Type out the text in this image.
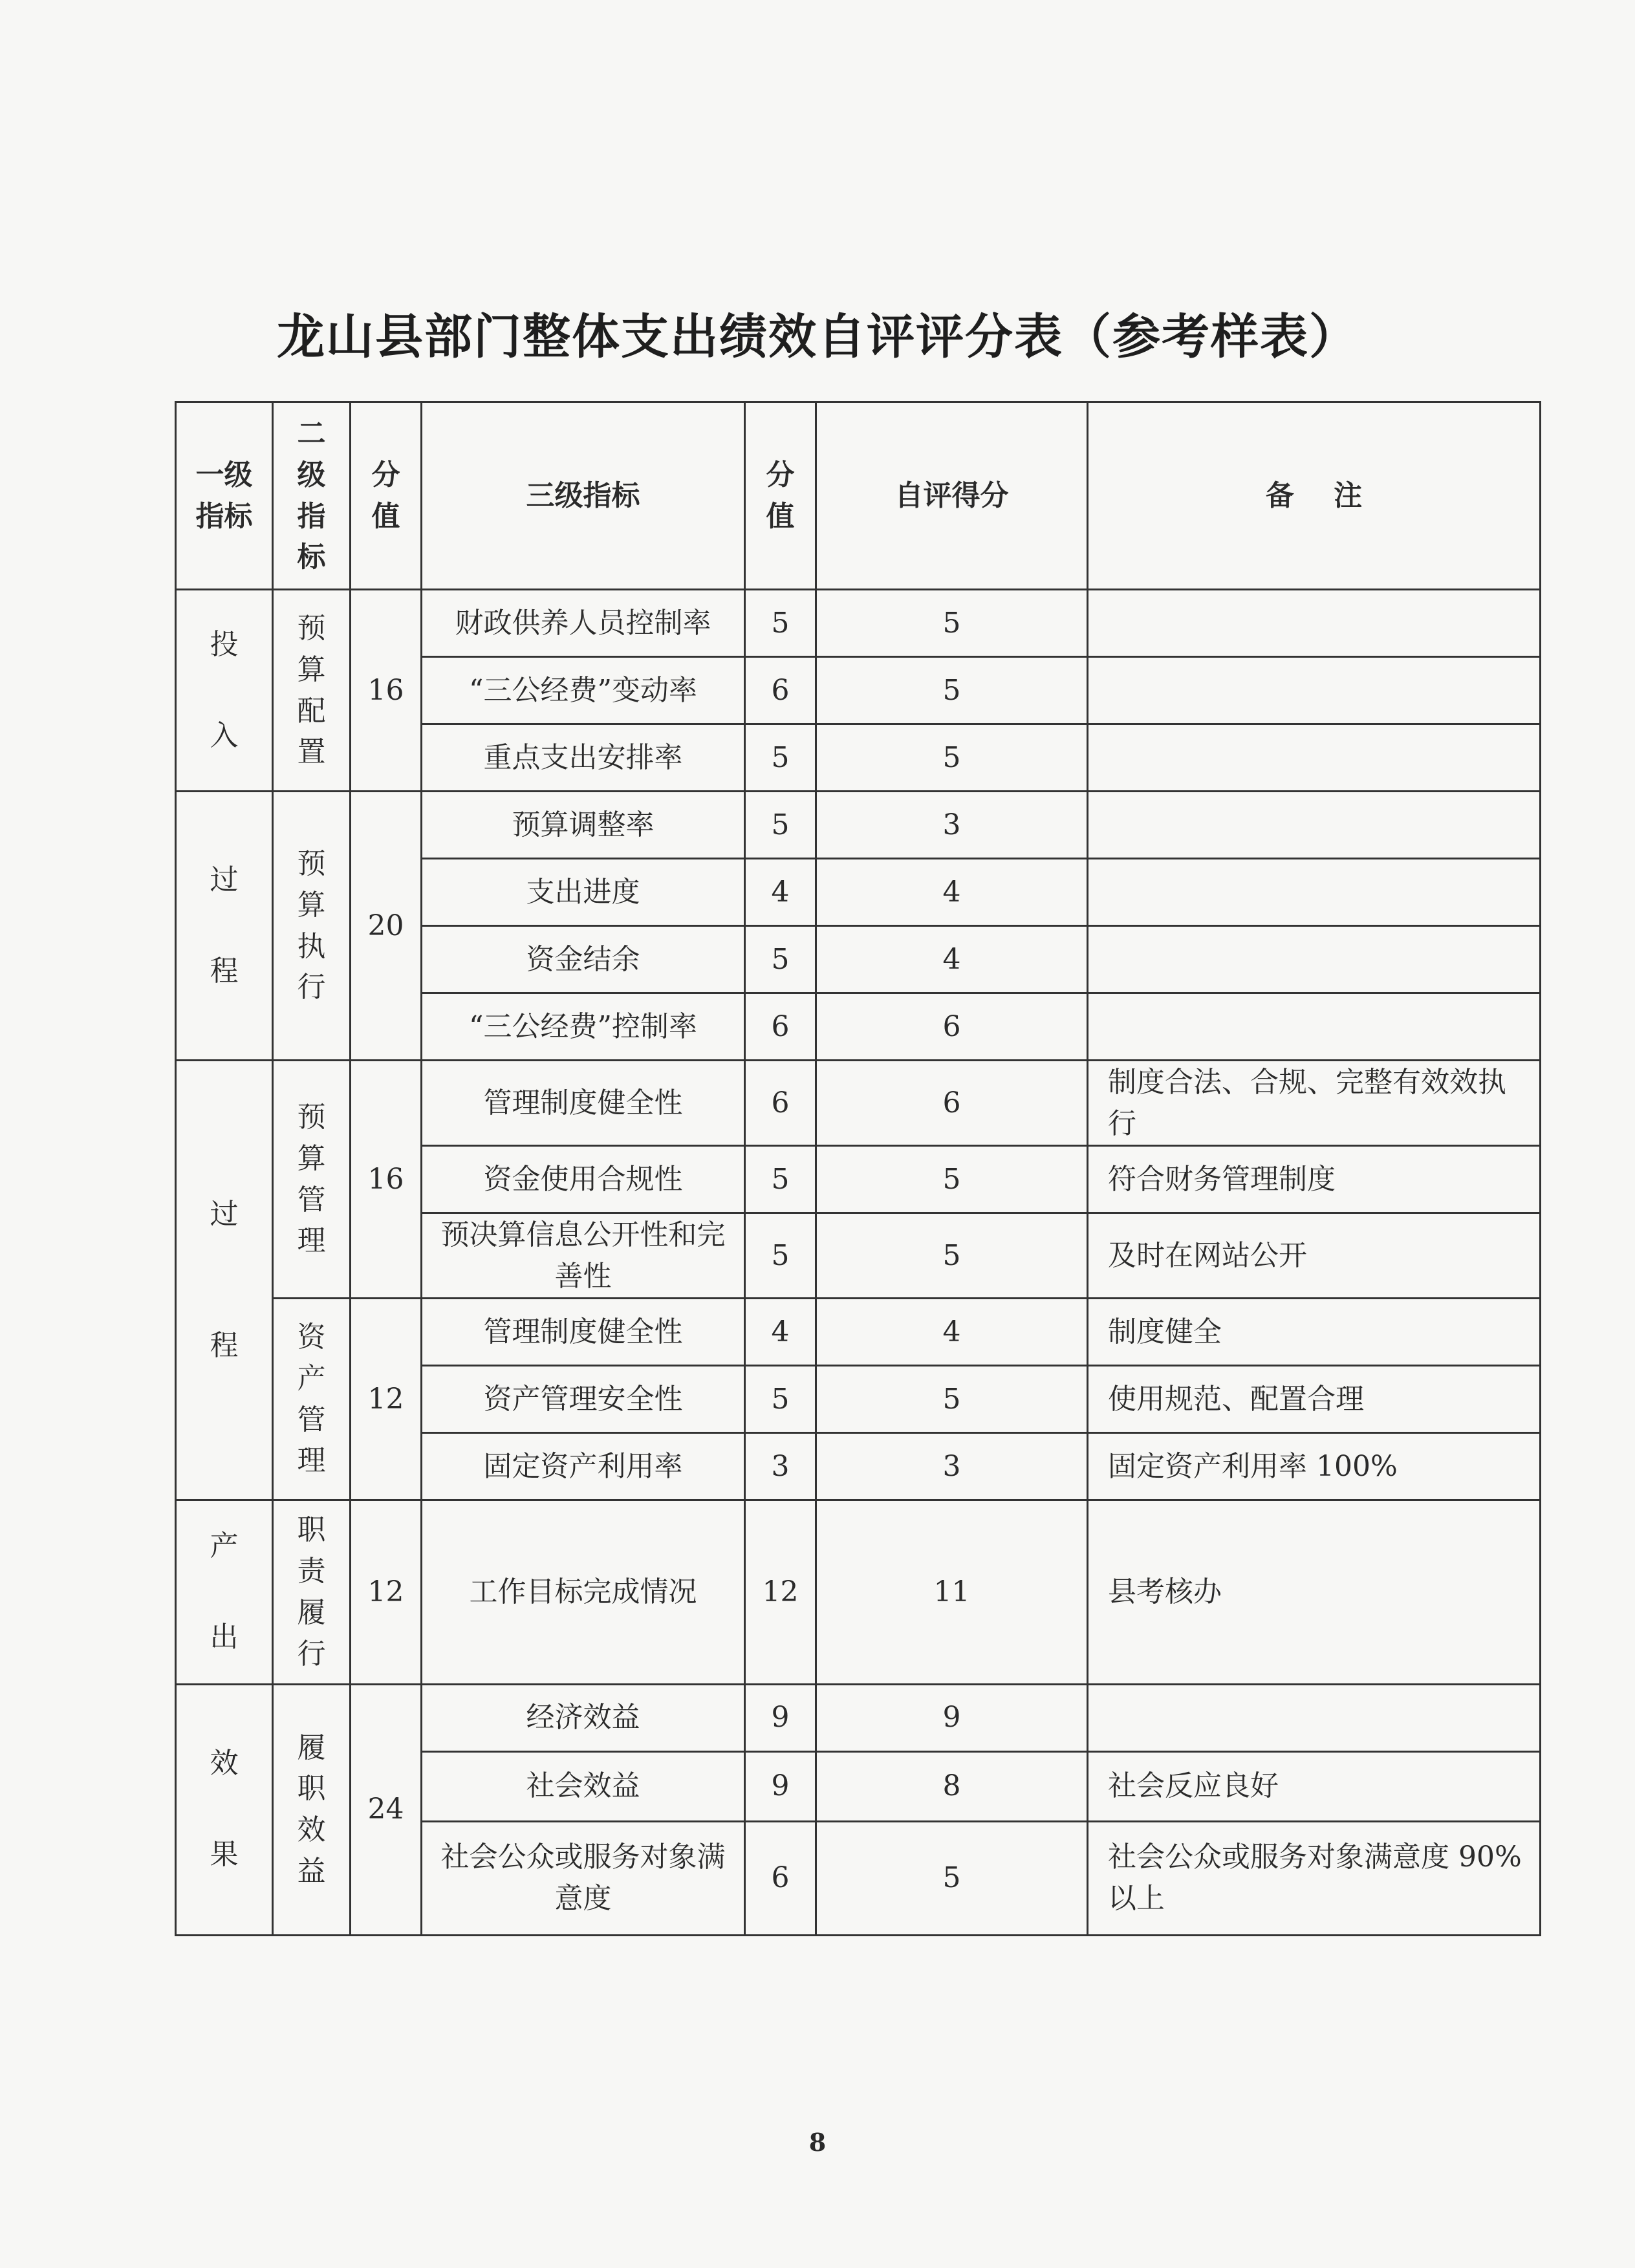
龙山县部门整体支出绩效自评评分表（参考样表）
一级指标	二级指标	分值	三级指标	分值	自评得分	备    注
投入	预算配置	16	财政供养人员控制率	5	5	
			“三公经费”变动率	6	5	
			重点支出安排率	5	5	
过程	预算执行	20	预算调整率	5	3	
			支出进度	4	4	
			资金结余	5	4	
			“三公经费”控制率	6	6	
过程	预算管理	16	管理制度健全性	6	6	制度合法、合规、完整有效效执行
			资金使用合规性	5	5	符合财务管理制度
			预决算信息公开性和完善性	5	5	及时在网站公开
	资产管理	12	管理制度健全性	4	4	制度健全
			资产管理安全性	5	5	使用规范、配置合理
			固定资产利用率	3	3	固定资产利用率 100%
产出	职责履行	12	工作目标完成情况	12	11	县考核办
效果	履职效益	24	经济效益	9	9	
			社会效益	9	8	社会反应良好
			社会公众或服务对象满意度	6	5	社会公众或服务对象满意度 90%以上
8
